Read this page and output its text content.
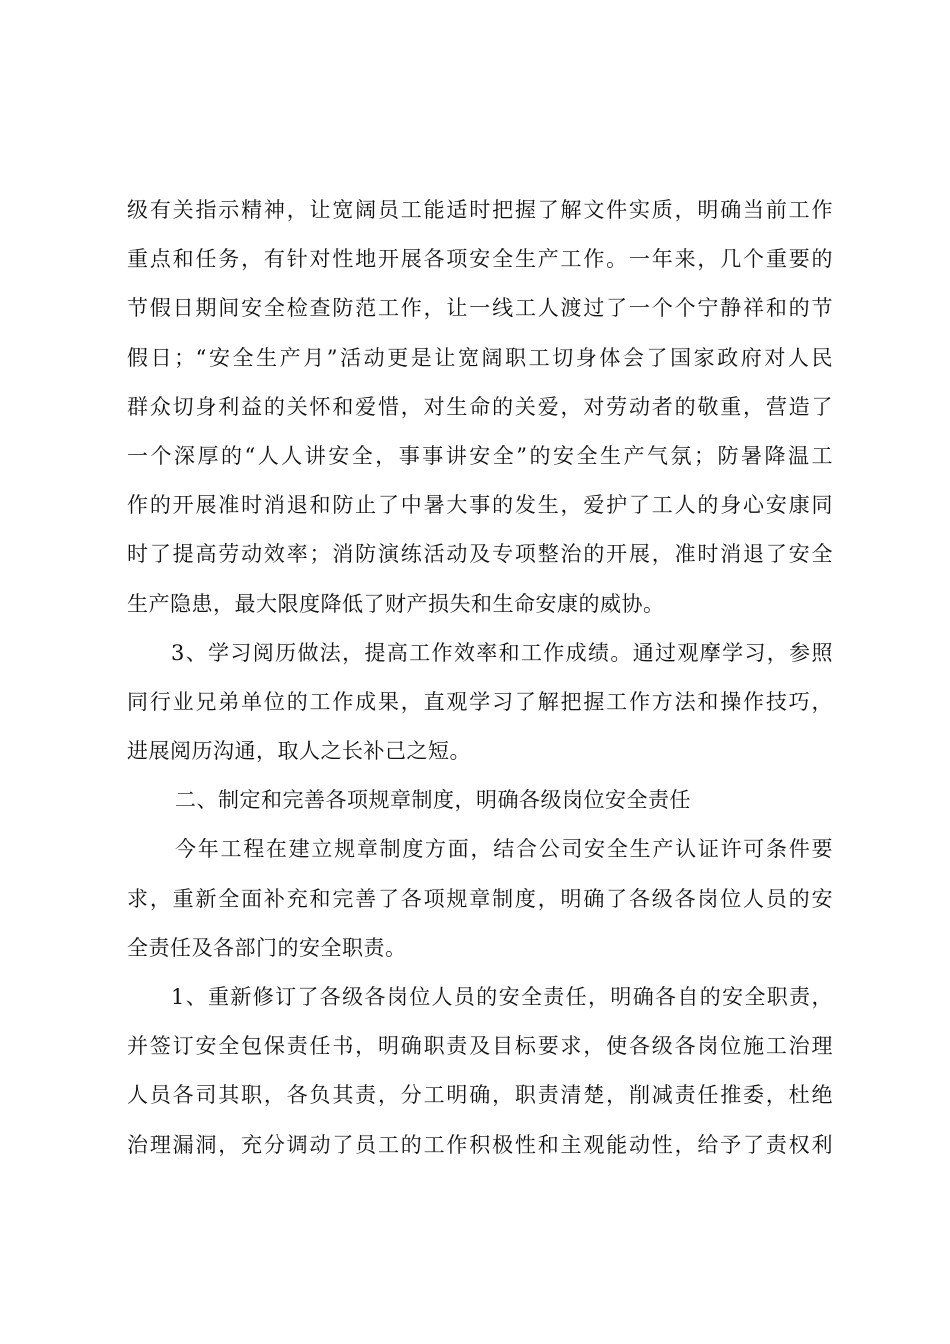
级有关指示精神，让宽阔员工能适时把握了解文件实质，明确当前工作
重点和任务，有针对性地开展各项安全生产工作。一年来，几个重要的
节假日期间安全检查防范工作，让一线工人渡过了一个个宁静祥和的节
假日；“安全生产月”活动更是让宽阔职工切身体会了国家政府对人民
群众切身利益的关怀和爱惜，对生命的关爱，对劳动者的敬重，营造了
一个深厚的“人人讲安全，事事讲安全”的安全生产气氛；防暑降温工
作的开展准时消退和防止了中暑大事的发生，爱护了工人的身心安康同
时了提高劳动效率；消防演练活动及专项整治的开展，准时消退了安全
生产隐患，最大限度降低了财产损失和生命安康的威协。
3、学习阅历做法，提高工作效率和工作成绩。通过观摩学习，参照
同行业兄弟单位的工作成果，直观学习了解把握工作方法和操作技巧，
进展阅历沟通，取人之长补己之短。
二、制定和完善各项规章制度，明确各级岗位安全责任
今年工程在建立规章制度方面，结合公司安全生产认证许可条件要
求，重新全面补充和完善了各项规章制度，明确了各级各岗位人员的安
全责任及各部门的安全职责。
1、重新修订了各级各岗位人员的安全责任，明确各自的安全职责，
并签订安全包保责任书，明确职责及目标要求，使各级各岗位施工治理
人员各司其职，各负其责，分工明确，职责清楚，削减责任推委，杜绝
治理漏洞，充分调动了员工的工作积极性和主观能动性，给予了责权利
